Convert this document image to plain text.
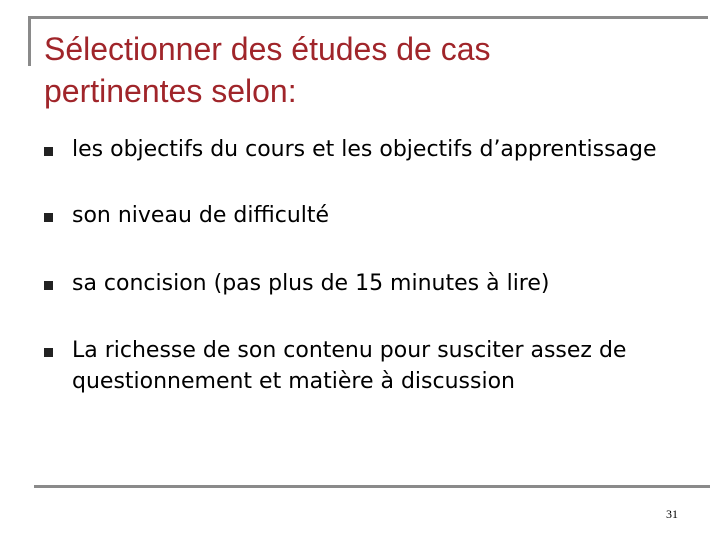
Sélectionner des études de cas
pertinentes selon:
les objectifs du cours et les objectifs d’apprentissage
son niveau de difficulté
sa concision (pas plus de 15 minutes à lire)
La richesse de son contenu pour susciter assez de questionnement et matière à discussion
31
